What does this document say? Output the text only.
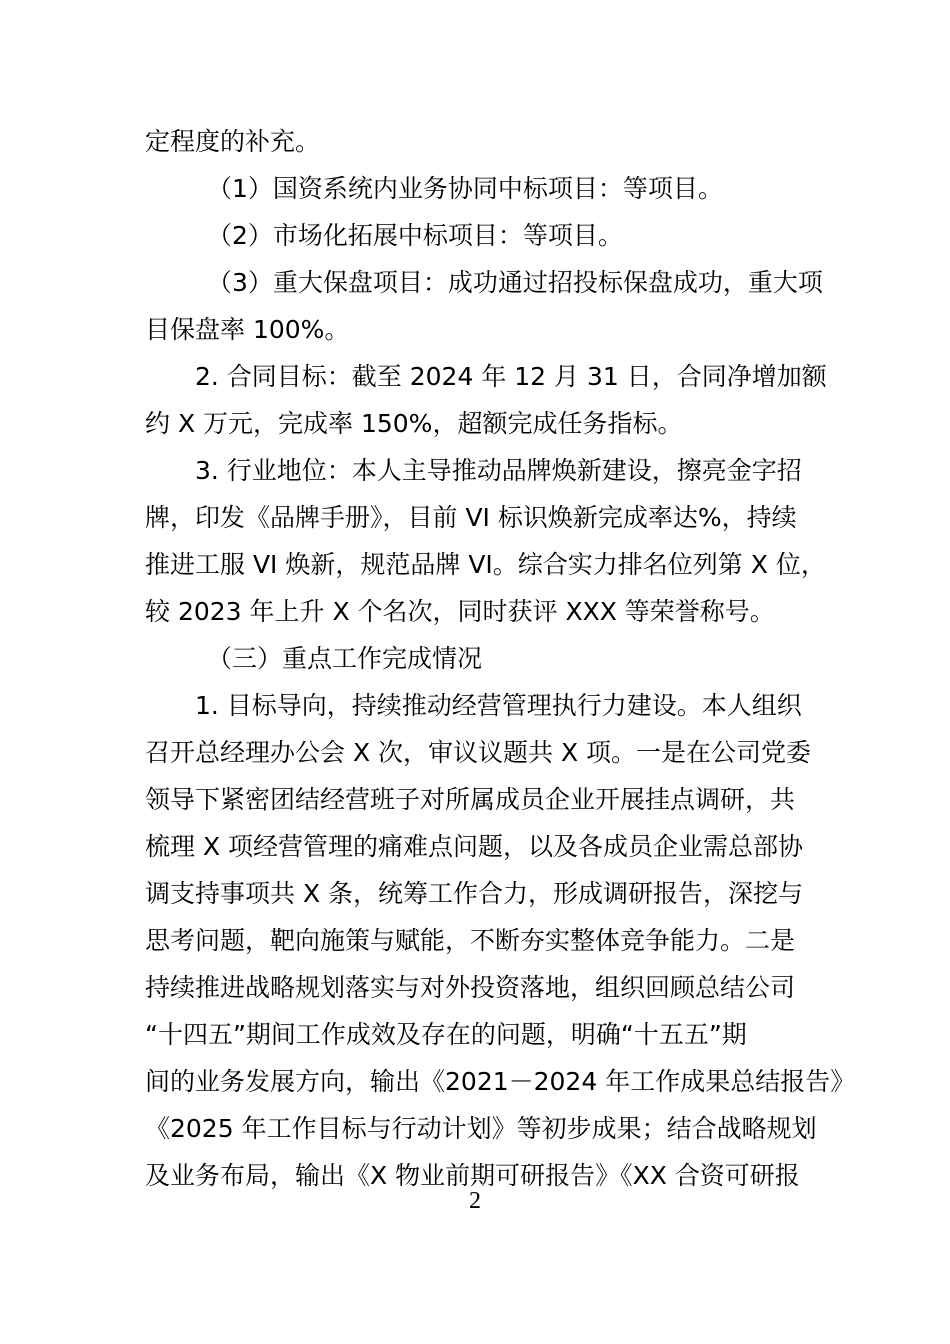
定程度的补充。
（1）国资系统内业务协同中标项目：等项目。
（2）市场化拓展中标项目：等项目。
（3）重大保盘项目：成功通过招投标保盘成功，重大项
目保盘率 100%。
2. 合同目标：截至 2024 年 12 月 31 日，合同净增加额
约 X 万元，完成率 150%，超额完成任务指标。
3. 行业地位：本人主导推动品牌焕新建设，擦亮金字招
牌，印发《品牌手册》，目前 VI 标识焕新完成率达%，持续
推进工服 VI 焕新，规范品牌 VI。综合实力排名位列第 X 位，
较 2023 年上升 X 个名次，同时获评 XXX 等荣誉称号。
（三）重点工作完成情况
1. 目标导向，持续推动经营管理执行力建设。本人组织
召开总经理办公会 X 次，审议议题共 X 项。一是在公司党委
领导下紧密团结经营班子对所属成员企业开展挂点调研，共
梳理 X 项经营管理的痛难点问题，以及各成员企业需总部协
调支持事项共 X 条，统筹工作合力，形成调研报告，深挖与
思考问题，靶向施策与赋能，不断夯实整体竞争能力。二是
持续推进战略规划落实与对外投资落地，组织回顾总结公司
“十四五”期间工作成效及存在的问题，明确“十五五”期
间的业务发展方向，输出《2021－2024 年工作成果总结报告》
《2025 年工作目标与行动计划》等初步成果；结合战略规划
及业务布局，输出《X 物业前期可研报告》《XX 合资可研报
2
